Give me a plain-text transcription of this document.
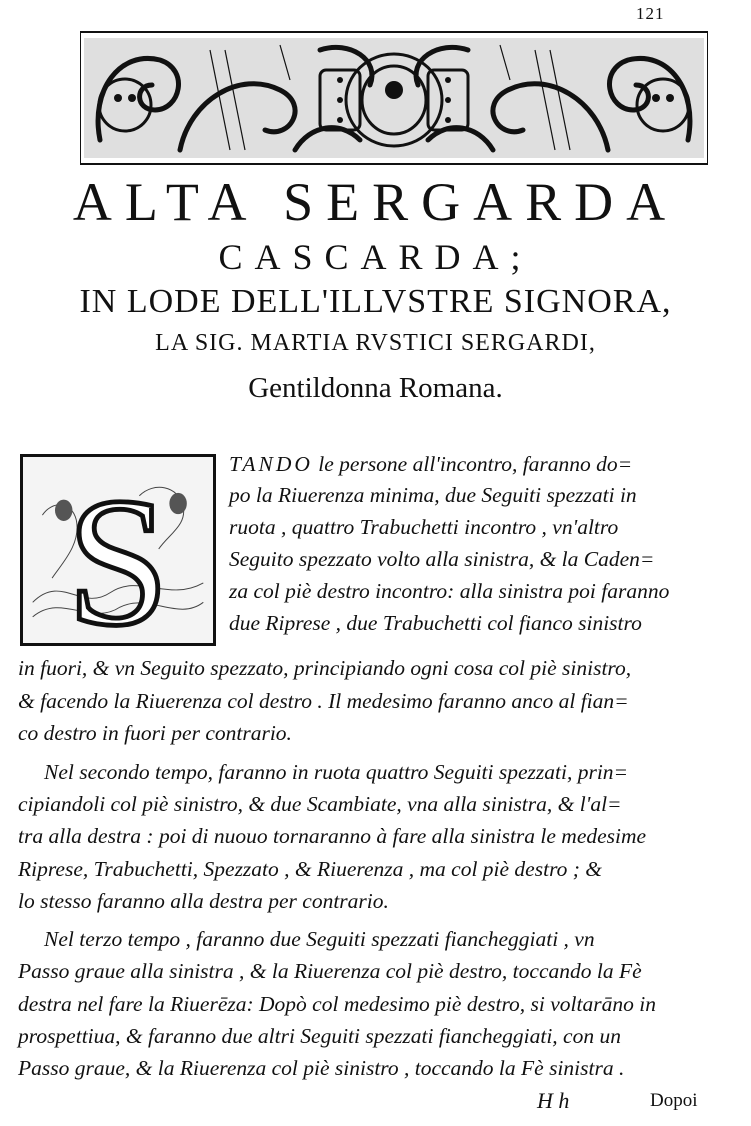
121
ALTA SERGARDA
CASCARDA;
IN LODE DELL'ILLVSTRE SIGNORA,
LA SIG. MARTIA RVSTICI SERGARDI,
Gentildonna Romana.
S	TANDO le persone all'incontro, faranno do=
po la Riuerenza minima, due Seguiti spezzati in
ruota , quattro Trabuchetti incontro , vn'altro
Seguito spezzato volto alla sinistra, & la Caden=
za col piè destro incontro: alla sinistra poi faranno
due Riprese , due Trabuchetti col fianco sinistro
in fuori, & vn Seguito spezzato, principiando ogni cosa col piè sinistro,
& facendo la Riuerenza col destro . Il medesimo faranno anco al fian=
co destro in fuori per contrario.
Nel secondo tempo, faranno in ruota quattro Seguiti spezzati, prin=
cipiandoli col piè sinistro, & due Scambiate, vna alla sinistra, & l'al=
tra alla destra : poi di nuouo tornaranno à fare alla sinistra le medesime
Riprese, Trabuchetti, Spezzato , & Riuerenza , ma col piè destro ; &
lo stesso faranno alla destra per contrario.
Nel terzo tempo , faranno due Seguiti spezzati fiancheggiati , vn
Passo graue alla sinistra , & la Riuerenza col piè destro, toccando la Fè
destra nel fare la Riuerēza: Dopò col medesimo piè destro, si voltarāno in
prospettiua, & faranno due altri Seguiti spezzati fiancheggiati, con un
Passo graue, & la Riuerenza col piè sinistro , toccando la Fè sinistra .
H h	Dopoi
